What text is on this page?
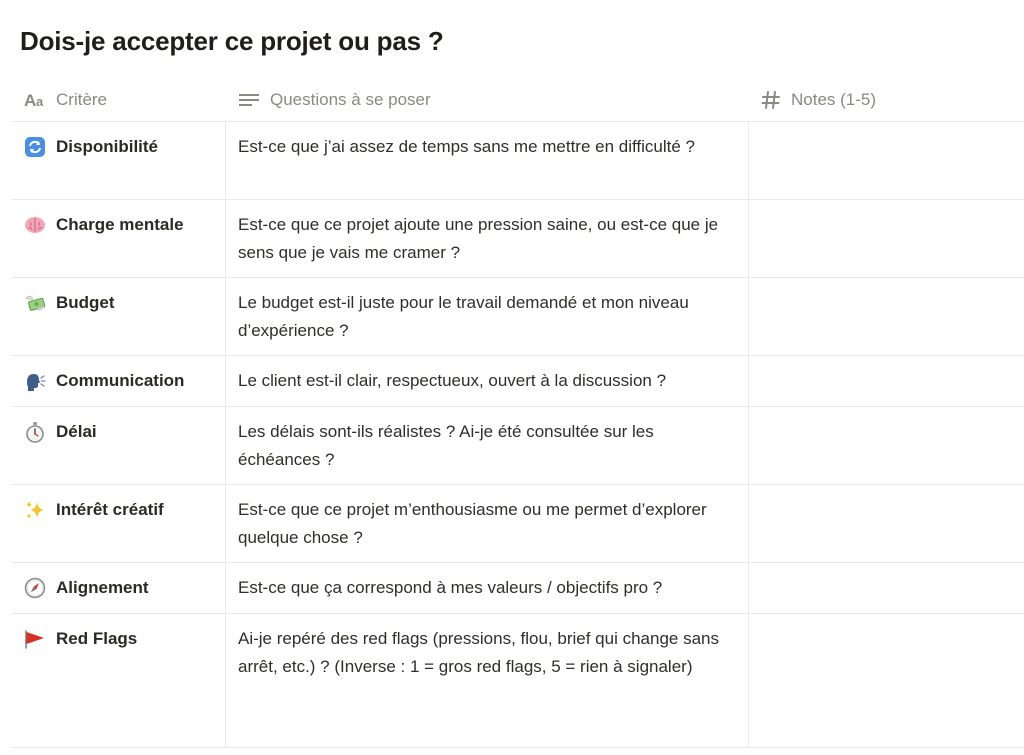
Dois-je accepter ce projet ou pas ?
A a Critère	Questions à se poser	Notes (1-5)
Disponibilité	Est-ce que j’ai assez de temps sans me mettre en difficulté ?
Charge mentale	Est-ce que ce projet ajoute une pression saine, ou est-ce que je sens que je vais me cramer ?
Budget	Le budget est-il juste pour le travail demandé et mon niveau d’expérience ?
Communication	Le client est-il clair, respectueux, ouvert à la discussion ?
Délai	Les délais sont-ils réalistes ? Ai-je été consultée sur les échéances ?
Intérêt créatif	Est-ce que ce projet m’enthousiasme ou me permet d’explorer quelque chose ?
Alignement	Est-ce que ça correspond à mes valeurs / objectifs pro ?
Red Flags	Ai-je repéré des red flags (pressions, flou, brief qui change sans arrêt, etc.) ? (Inverse : 1 = gros red flags, 5 = rien à signaler)
